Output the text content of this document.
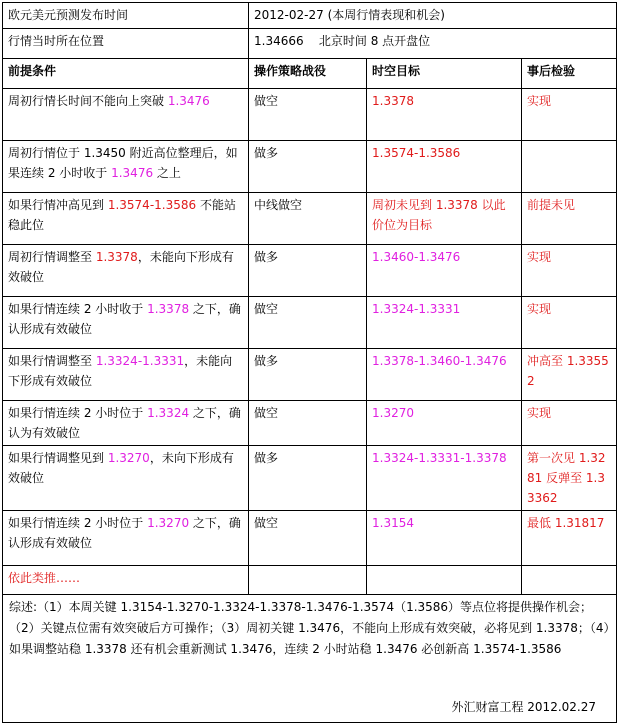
欧元美元预测发布时间	2012-02-27 (本周行情表现和机会)		
行情当时所在位置	1.34666 北京时间 8 点开盘位		
前提条件	操作策略战役	时空目标	事后检验
周初行情长时间不能向上突破 1.3476	做空	1.3378	实现
周初行情位于 1.3450 附近高位整理后，如果连续 2 小时收于 1.3476 之上	做多	1.3574-1.3586	
如果行情冲高见到 1.3574-1.3586 不能站稳此位	中线做空	周初未见到 1.3378 以此价位为目标	前提未见
周初行情调整至 1.3378，未能向下形成有效破位	做多	1.3460-1.3476	实现
如果行情连续 2 小时收于 1.3378 之下，确认形成有效破位	做空	1.3324-1.3331	实现
如果行情调整至 1.3324-1.3331，未能向下形成有效破位	做多	1.3378-1.3460-1.3476	冲高至 1.33552
如果行情连续 2 小时位于 1.3324 之下，确认为有效破位	做空	1.3270	实现
如果行情调整见到 1.3270，未向下形成有效破位	做多	1.3324-1.3331-1.3378	第一次见 1.3281 反弹至 1.33362
如果行情连续 2 小时位于 1.3270 之下，确认形成有效破位	做空	1.3154	最低 1.31817
依此类推……			
综述:（1）本周关键 1.3154-1.3270-1.3324-1.3378-1.3476-1.3574（1.3586）等点位将提供操作机会；（2）关键点位需有效突破后方可操作；（3）周初关键 1.3476，不能向上形成有效突破，必将见到 1.3378；（4）如果调整站稳 1.3378 还有机会重新测试 1.3476，连续 2 小时站稳 1.3476 必创新高 1.3574-1.3586
外汇财富工程 2012.02.27
